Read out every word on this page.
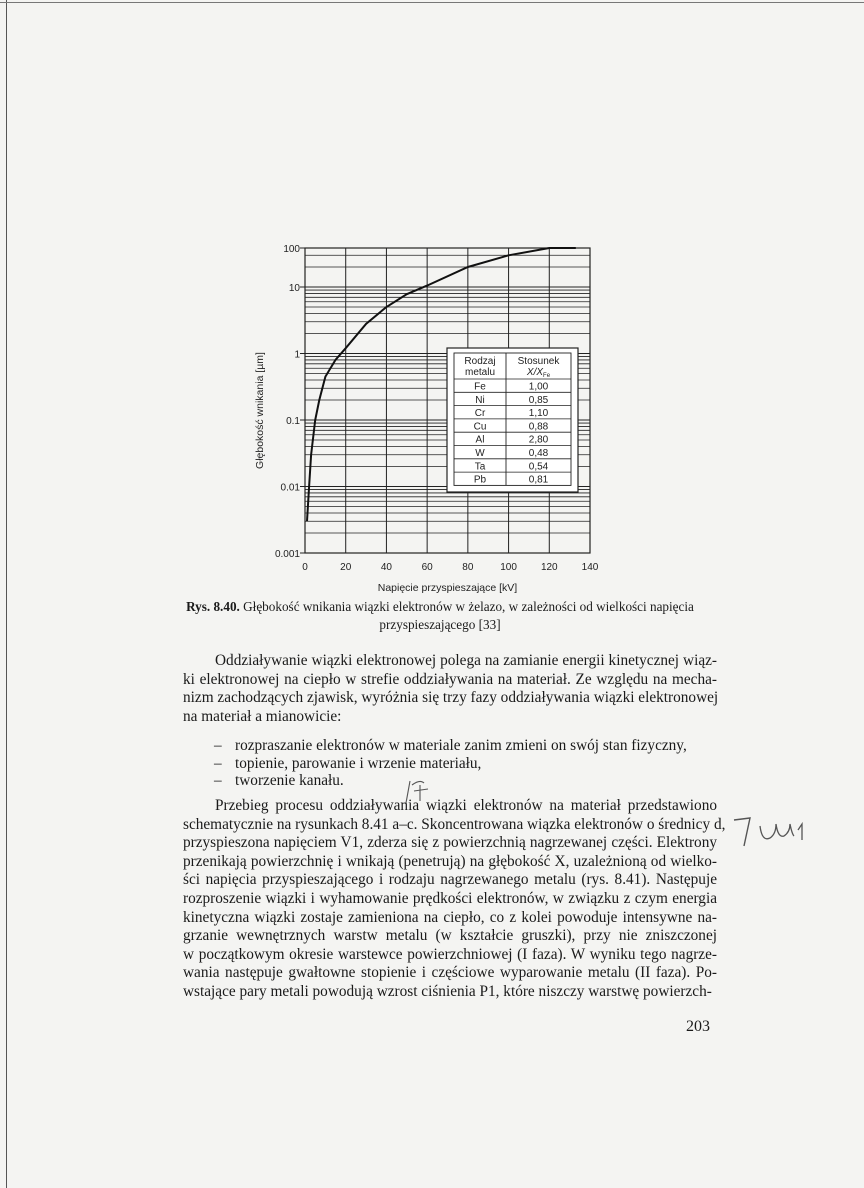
0	20	40	60	80	100 120 140
0.001
0.01
0.1
1
10
100
Napięcie przyspieszające [kV]
Głębokość wnikania [µm]	Rodzaj
metalu
Stosunek
$X/X_{Fe}$
Fe	1,00
Ni	0,85
Cr	1,10
Cu	0,88
Al	2,80
W	0,48
Ta	0,54
Pb	0,81
Rys. 8.40. Głębokość wnikania wiązki elektronów w żelazo, w zależności od wielkości napięcia
przyspieszającego [33]
Oddziaływanie wiązki elektronowej polega na zamianie energii kinetycznej wiąz-
ki elektronowej na ciepło w strefie oddziaływania na materiał. Ze względu na mecha-
nizm zachodzących zjawisk, wyróżnia się trzy fazy oddziaływania wiązki elektronowej
na materiał a mianowicie:
– rozpraszanie elektronów w materiale zanim zmieni on swój stan fizyczny,
– topienie, parowanie i wrzenie materiału,
– tworzenie kanału.
Przebieg procesu oddziaływania wiązki elektronów na materiał przedstawiono
schematycznie na rysunkach 8.41 a–c. Skoncentrowana wiązka elektronów o średnicy d,
przyspieszona napięciem V1, zderza się z powierzchnią nagrzewanej części. Elektrony
przenikają powierzchnię i wnikają (penetrują) na głębokość X, uzależnioną od wielko-
ści napięcia przyspieszającego i rodzaju nagrzewanego metalu (rys. 8.41). Następuje
rozproszenie wiązki i wyhamowanie prędkości elektronów, w związku z czym energia
kinetyczna wiązki zostaje zamieniona na ciepło, co z kolei powoduje intensywne na-
grzanie wewnętrznych warstw metalu (w kształcie gruszki), przy nie zniszczonej
w początkowym okresie warstewce powierzchniowej (I faza). W wyniku tego nagrze-
wania następuje gwałtowne stopienie i częściowe wyparowanie metalu (II faza). Po-
wstające pary metali powodują wzrost ciśnienia P1, które niszczy warstwę powierzch-
203
